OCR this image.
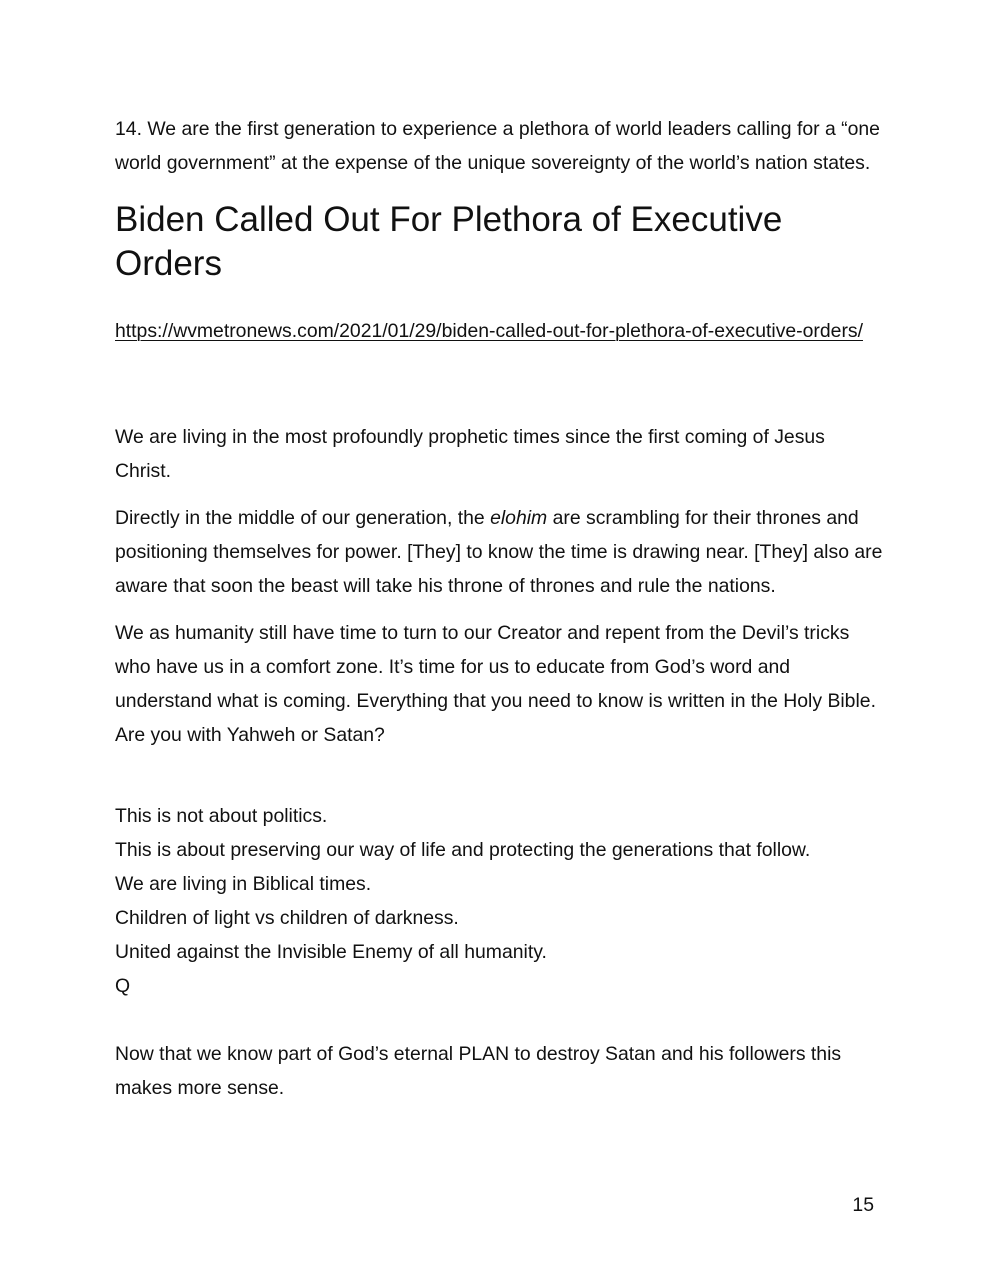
14. We are the first generation to experience a plethora of world leaders calling for a “one world government” at the expense of the unique sovereignty of the world’s nation states.

Biden Called Out For Plethora of Executive Orders
https://wvmetronews.com/2021/01/29/biden-called-out-for-plethora-of-executive-orders/

We are living in the most profoundly prophetic times since the first coming of Jesus Christ.

Directly in the middle of our generation, the elohim are scrambling for their thrones and positioning themselves for power. [They] to know the time is drawing near. [They] also are aware that soon the beast will take his throne of thrones and rule the nations.

We as humanity still have time to turn to our Creator and repent from the Devil’s tricks who have us in a comfort zone. It’s time for us to educate from God’s word and understand what is coming. Everything that you need to know is written in the Holy Bible. Are you with Yahweh or Satan?

This is not about politics.

This is about preserving our way of life and protecting the generations that follow.

We are living in Biblical times.

Children of light vs children of darkness.

United against the Invisible Enemy of all humanity.

Q

Now that we know part of God’s eternal PLAN to destroy Satan and his followers this makes more sense.

15
